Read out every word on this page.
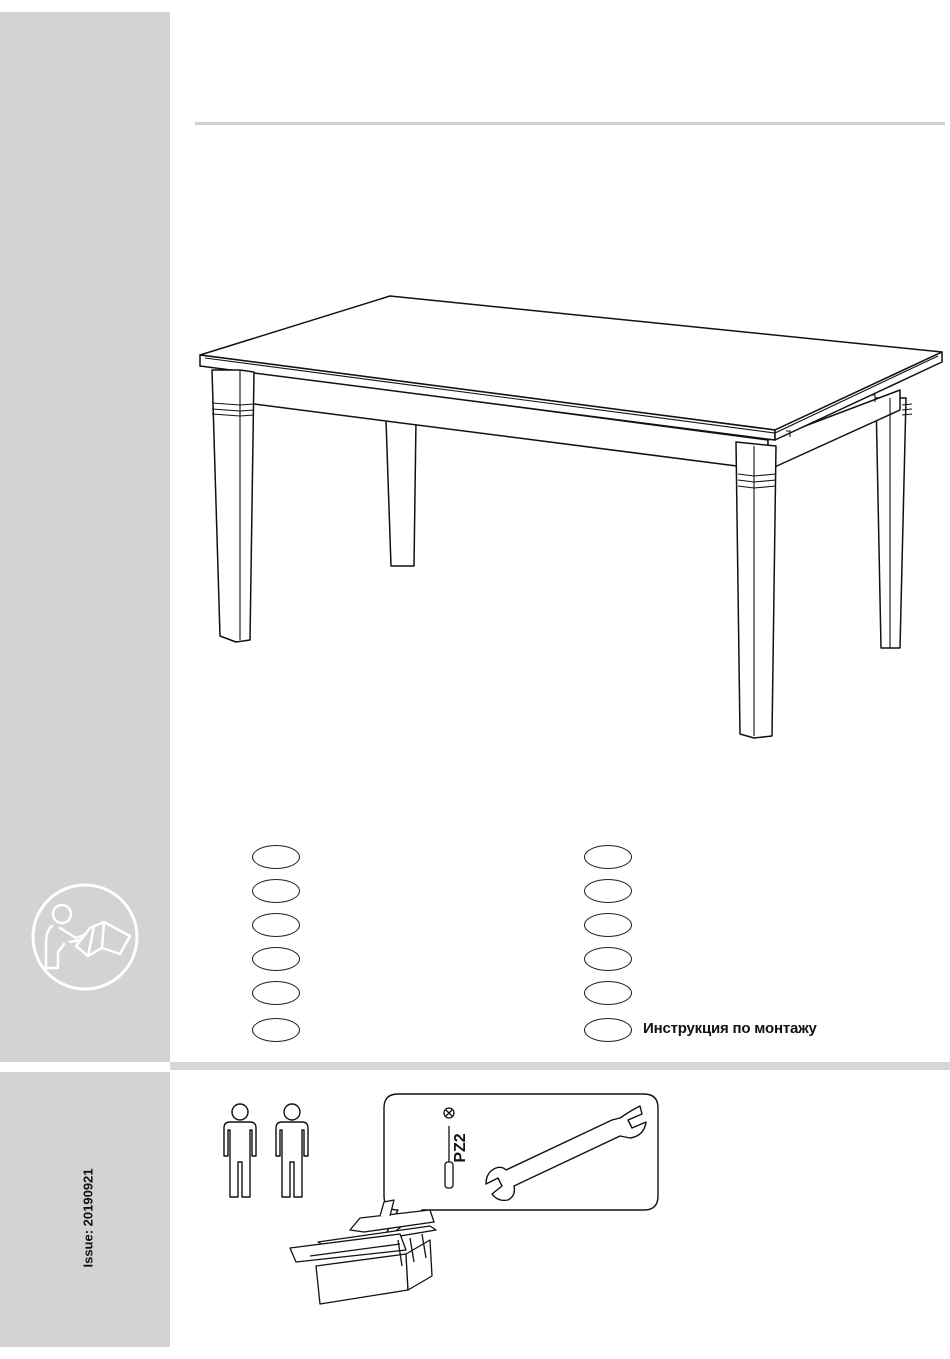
Инструкция по монтажу
Issue: 20190921
PZ2
